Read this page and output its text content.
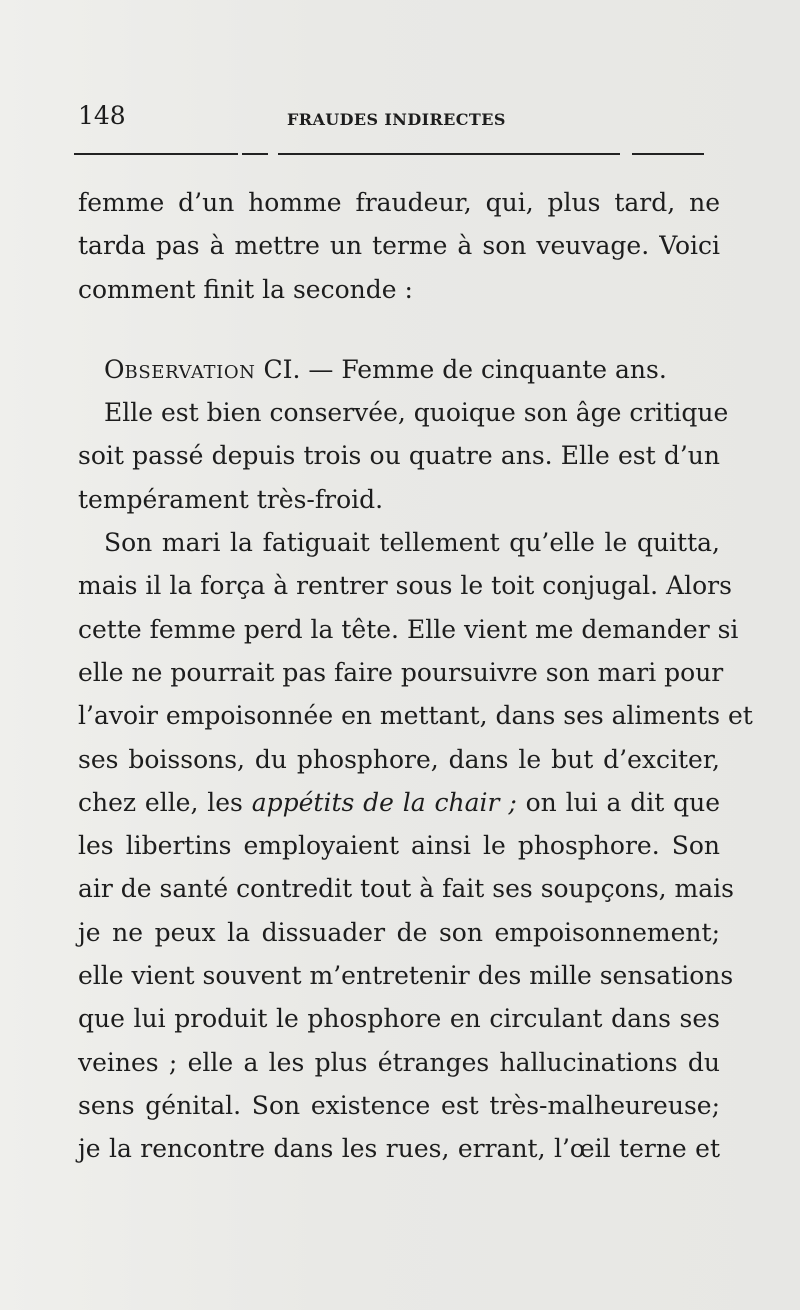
148	FRAUDES INDIRECTES
femme d’un homme fraudeur, qui, plus tard, ne
tarda pas à mettre un terme à son veuvage. Voici
comment finit la seconde :
OBSERVATION CI. — Femme de cinquante ans.
Elle est bien conservée, quoique son âge critique
soit passé depuis trois ou quatre ans. Elle est d’un
tempérament très-froid.
Son mari la fatiguait tellement qu’elle le quitta,
mais il la força à rentrer sous le toit conjugal. Alors
cette femme perd la tête. Elle vient me demander si
elle ne pourrait pas faire poursuivre son mari pour
l’avoir empoisonnée en mettant, dans ses aliments et
ses boissons, du phosphore, dans le but d’exciter,
chez elle, les appétits de la chair ; on lui a dit que
les libertins employaient ainsi le phosphore. Son
air de santé contredit tout à fait ses soupçons, mais
je ne peux la dissuader de son empoisonnement;
elle vient souvent m’entretenir des mille sensations
que lui produit le phosphore en circulant dans ses
veines ; elle a les plus étranges hallucinations du
sens génital. Son existence est très-malheureuse;
je la rencontre dans les rues, errant, l’œil terne et
